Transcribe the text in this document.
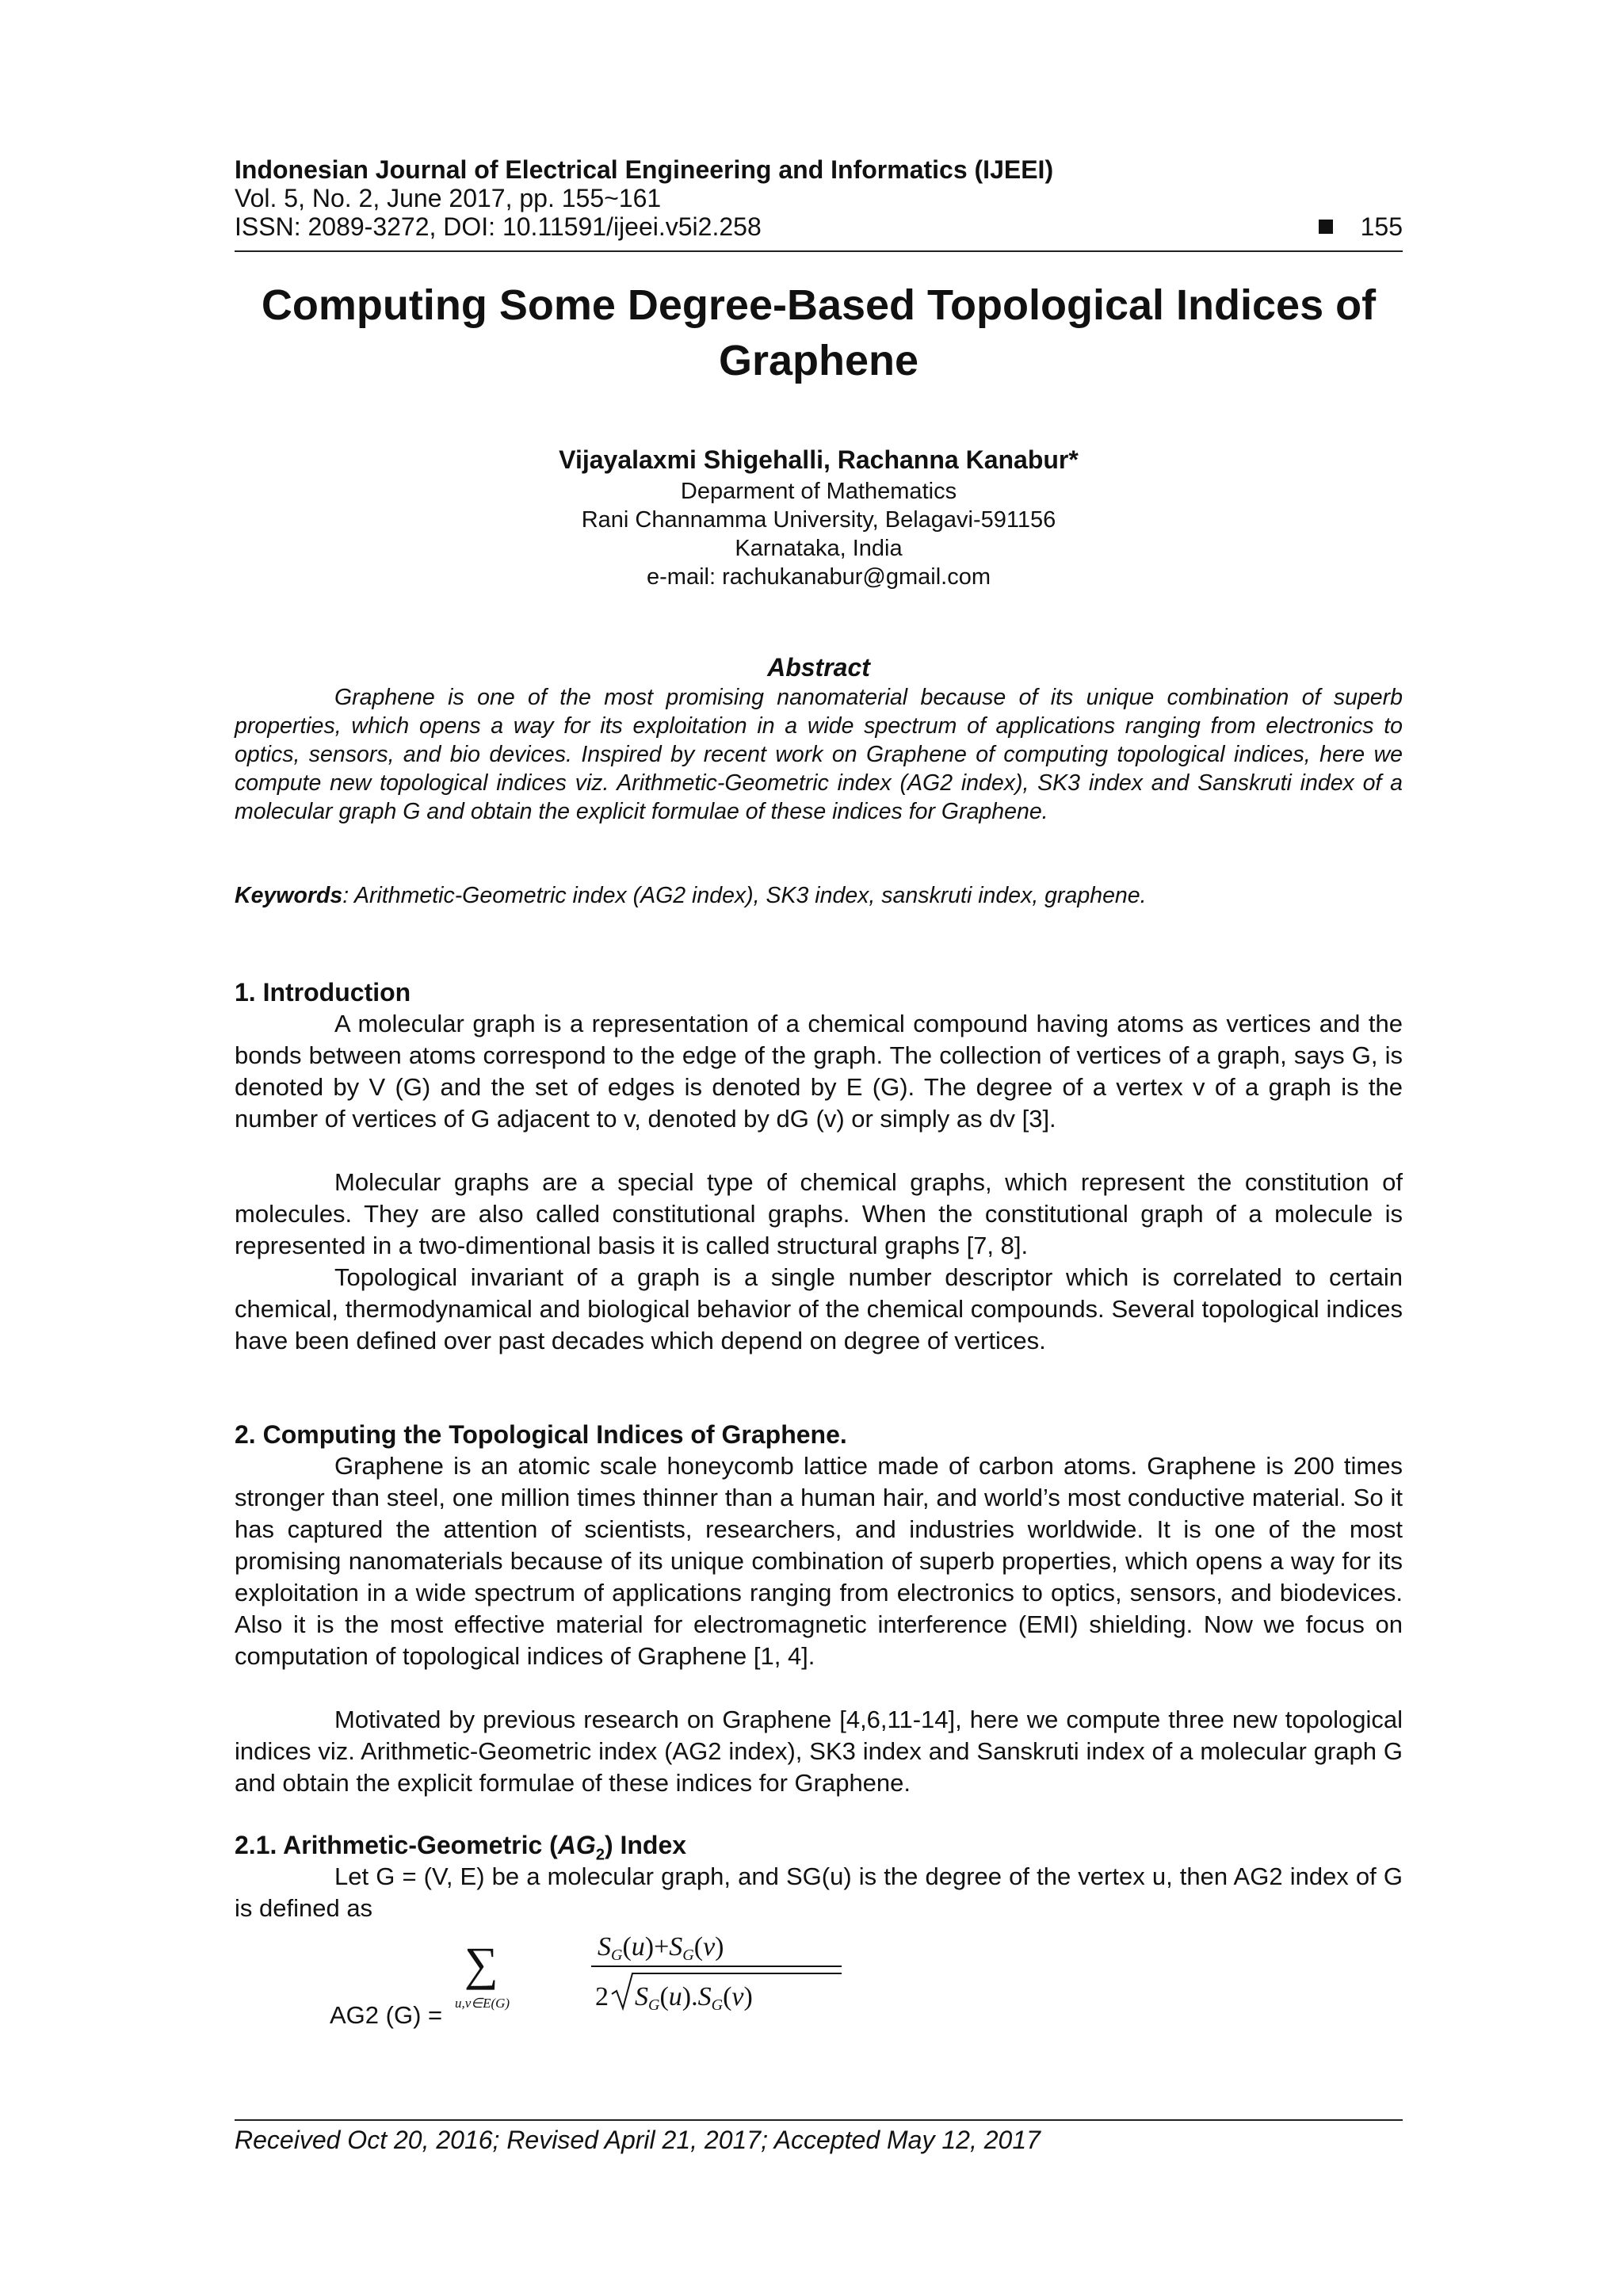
Indonesian Journal of Electrical Engineering and Informatics (IJEEI)
Vol. 5, No. 2, June 2017, pp. 155~161
ISSN: 2089-3272, DOI: 10.11591/ijeei.v5i2.258	155
Computing Some Degree-Based Topological Indices of
Graphene
Vijayalaxmi Shigehalli, Rachanna Kanabur*
Deparment of Mathematics
Rani Channamma University, Belagavi-591156
Karnataka, India
e-mail: rachukanabur@gmail.com
Abstract
Graphene is one of the most promising nanomaterial because of its unique combination of superb properties, which opens a way for its exploitation in a wide spectrum of applications ranging from electronics to optics, sensors, and bio devices. Inspired by recent work on Graphene of computing topological indices, here we compute new topological indices viz. Arithmetic-Geometric index (AG2 index), SK3 index and Sanskruti index of a molecular graph G and obtain the explicit formulae of these indices for Graphene.
Keywords: Arithmetic-Geometric index (AG2 index), SK3 index, sanskruti index, graphene.
1. Introduction
A molecular graph is a representation of a chemical compound having atoms as vertices and the bonds between atoms correspond to the edge of the graph. The collection of vertices of a graph, says G, is denoted by V (G) and the set of edges is denoted by E (G). The degree of a vertex v of a graph is the number of vertices of G adjacent to v, denoted by dG (v) or simply as dv [3].
Molecular graphs are a special type of chemical graphs, which represent the constitution of molecules. They are also called constitutional graphs. When the constitutional graph of a molecule is represented in a two-dimentional basis it is called structural graphs [7, 8].
Topological invariant of a graph is a single number descriptor which is correlated to certain chemical, thermodynamical and biological behavior of the chemical compounds. Several topological indices have been defined over past decades which depend on degree of vertices.
2. Computing the Topological Indices of Graphene.
Graphene is an atomic scale honeycomb lattice made of carbon atoms. Graphene is 200 times stronger than steel, one million times thinner than a human hair, and world’s most conductive material. So it has captured the attention of scientists, researchers, and industries worldwide. It is one of the most promising nanomaterials because of its unique combination of superb properties, which opens a way for its exploitation in a wide spectrum of applications ranging from electronics to optics, sensors, and biodevices. Also it is the most effective material for electromagnetic interference (EMI) shielding. Now we focus on computation of topological indices of Graphene [1, 4].
Motivated by previous research on Graphene [4,6,11-14], here we compute three new topological indices viz. Arithmetic-Geometric index (AG2 index), SK3 index and Sanskruti index of a molecular graph G and obtain the explicit formulae of these indices for Graphene.
2.1. Arithmetic-Geometric $(AG_2)$ Index
Let G = (V, E) be a molecular graph, and SG(u) is the degree of the vertex u, then AG2 index of G is defined as
AG2 (G) =
∑
u,v∈E(G)
SG(u)+SG(v)
2 SG(u).SG(v)
S_G(u)+S_G(v)	2√(S_G(u).S_G(v))
Received Oct 20, 2016; Revised April 21, 2017; Accepted May 12, 2017
